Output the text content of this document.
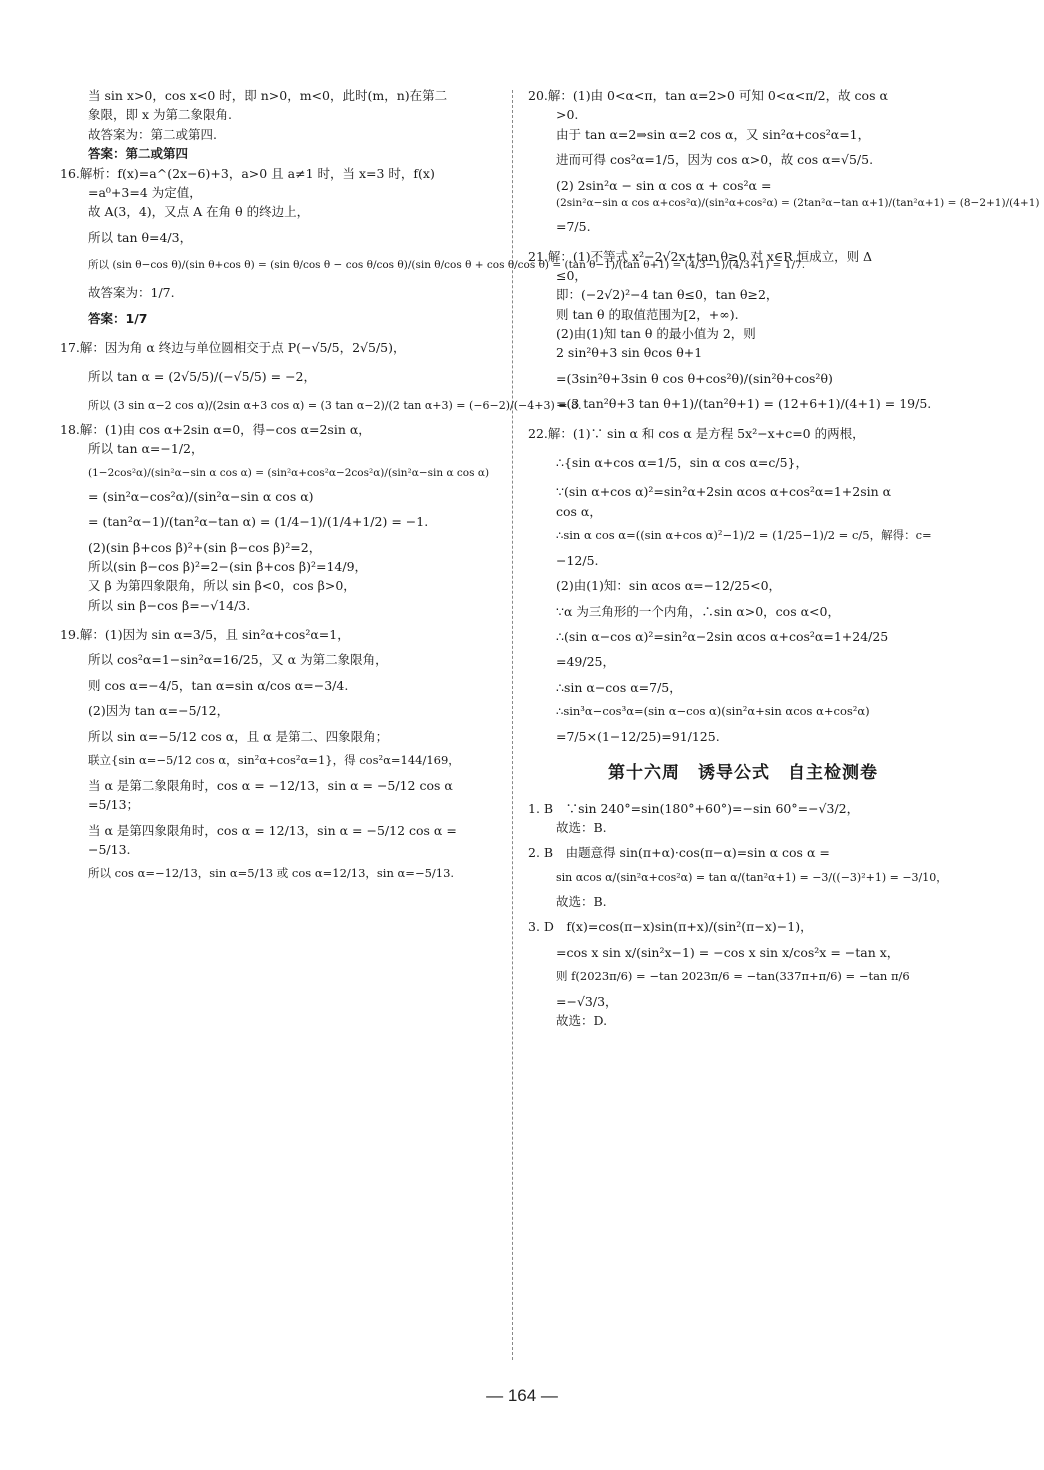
当 sin x>0，cos x<0 时，即 n>0，m<0，此时(m，n)在第二

象限，即 x 为第二象限角.

故答案为：第二或第四.

答案：第二或第四

16.解析：f(x)=a^(2x−6)+3，a>0 且 a≠1 时，当 x=3 时，f(x)

=a⁰+3=4 为定值，

故 A(3，4)，又点 A 在角 θ 的终边上，

所以 tan θ=4/3，

所以 (sin θ−cos θ)/(sin θ+cos θ) = (sin θ/cos θ − cos θ/cos θ)/(sin θ/cos θ + cos θ/cos θ) = (tan θ−1)/(tan θ+1) = (4/3−1)/(4/3+1) = 1/7.

故答案为：1/7.

答案：1/7

17.解：因为角 α 终边与单位圆相交于点 P(−√5/5，2√5/5)，

所以 tan α = (2√5/5)/(−√5/5) = −2，

所以 (3 sin α−2 cos α)/(2sin α+3 cos α) = (3 tan α−2)/(2 tan α+3) = (−6−2)/(−4+3) = 8.

18.解：(1)由 cos α+2sin α=0，得−cos α=2sin α，

所以 tan α=−1/2，

(1−2cos²α)/(sin²α−sin α cos α) = (sin²α+cos²α−2cos²α)/(sin²α−sin α cos α)

= (sin²α−cos²α)/(sin²α−sin α cos α)

= (tan²α−1)/(tan²α−tan α) = (1/4−1)/(1/4+1/2) = −1.

(2)(sin β+cos β)²+(sin β−cos β)²=2，

所以(sin β−cos β)²=2−(sin β+cos β)²=14/9，

又 β 为第四象限角，所以 sin β<0，cos β>0，

所以 sin β−cos β=−√14/3.

19.解：(1)因为 sin α=3/5，且 sin²α+cos²α=1，

所以 cos²α=1−sin²α=16/25，又 α 为第二象限角，

则 cos α=−4/5，tan α=sin α/cos α=−3/4.

(2)因为 tan α=−5/12，

所以 sin α=−5/12 cos α，且 α 是第二、四象限角；

联立{sin α=−5/12 cos α，sin²α+cos²α=1}，得 cos²α=144/169，

当 α 是第二象限角时，cos α = −12/13，sin α = −5/12 cos α

=5/13；

当 α 是第四象限角时，cos α = 12/13，sin α = −5/12 cos α =

−5/13.

所以 cos α=−12/13，sin α=5/13 或 cos α=12/13，sin α=−5/13.

20.解：(1)由 0<α<π，tan α=2>0 可知 0<α<π/2，故 cos α

>0.

由于 tan α=2⇒sin α=2 cos α，又 sin²α+cos²α=1，

进而可得 cos²α=1/5，因为 cos α>0，故 cos α=√5/5.

(2) 2sin²α − sin α cos α + cos²α =

(2sin²α−sin α cos α+cos²α)/(sin²α+cos²α) = (2tan²α−tan α+1)/(tan²α+1) = (8−2+1)/(4+1)

=7/5.

21.解：(1)不等式 x²−2√2x+tan θ≥0 对 x∈R 恒成立，则 Δ

≤0，

即：(−2√2)²−4 tan θ≤0，tan θ≥2，

则 tan θ 的取值范围为[2，+∞).

(2)由(1)知 tan θ 的最小值为 2，则

2 sin²θ+3 sin θcos θ+1

=(3sin²θ+3sin θ cos θ+cos²θ)/(sin²θ+cos²θ)

=(3 tan²θ+3 tan θ+1)/(tan²θ+1) = (12+6+1)/(4+1) = 19/5.

22.解：(1)∵ sin α 和 cos α 是方程 5x²−x+c=0 的两根，

∴{sin α+cos α=1/5，sin α cos α=c/5}，

∵(sin α+cos α)²=sin²α+2sin αcos α+cos²α=1+2sin α

cos α，

∴sin α cos α=((sin α+cos α)²−1)/2 = (1/25−1)/2 = c/5，解得：c=

−12/5.

(2)由(1)知：sin αcos α=−12/25<0，

∵α 为三角形的一个内角，∴sin α>0，cos α<0，

∴(sin α−cos α)²=sin²α−2sin αcos α+cos²α=1+24/25

=49/25，

∴sin α−cos α=7/5，

∴sin³α−cos³α=(sin α−cos α)(sin²α+sin αcos α+cos²α)

=7/5×(1−12/25)=91/125.

第十六周　诱导公式　自主检测卷

1. B　∵sin 240°=sin(180°+60°)=−sin 60°=−√3/2，

故选：B.

2. B　由题意得 sin(π+α)·cos(π−α)=sin α cos α =

sin αcos α/(sin²α+cos²α) = tan α/(tan²α+1) = −3/((−3)²+1) = −3/10，

故选：B.

3. D　f(x)=cos(π−x)sin(π+x)/(sin²(π−x)−1)，

=cos x sin x/(sin²x−1) = −cos x sin x/cos²x = −tan x，

则 f(2023π/6) = −tan 2023π/6 = −tan(337π+π/6) = −tan π/6

=−√3/3，

故选：D.

— 164 —
